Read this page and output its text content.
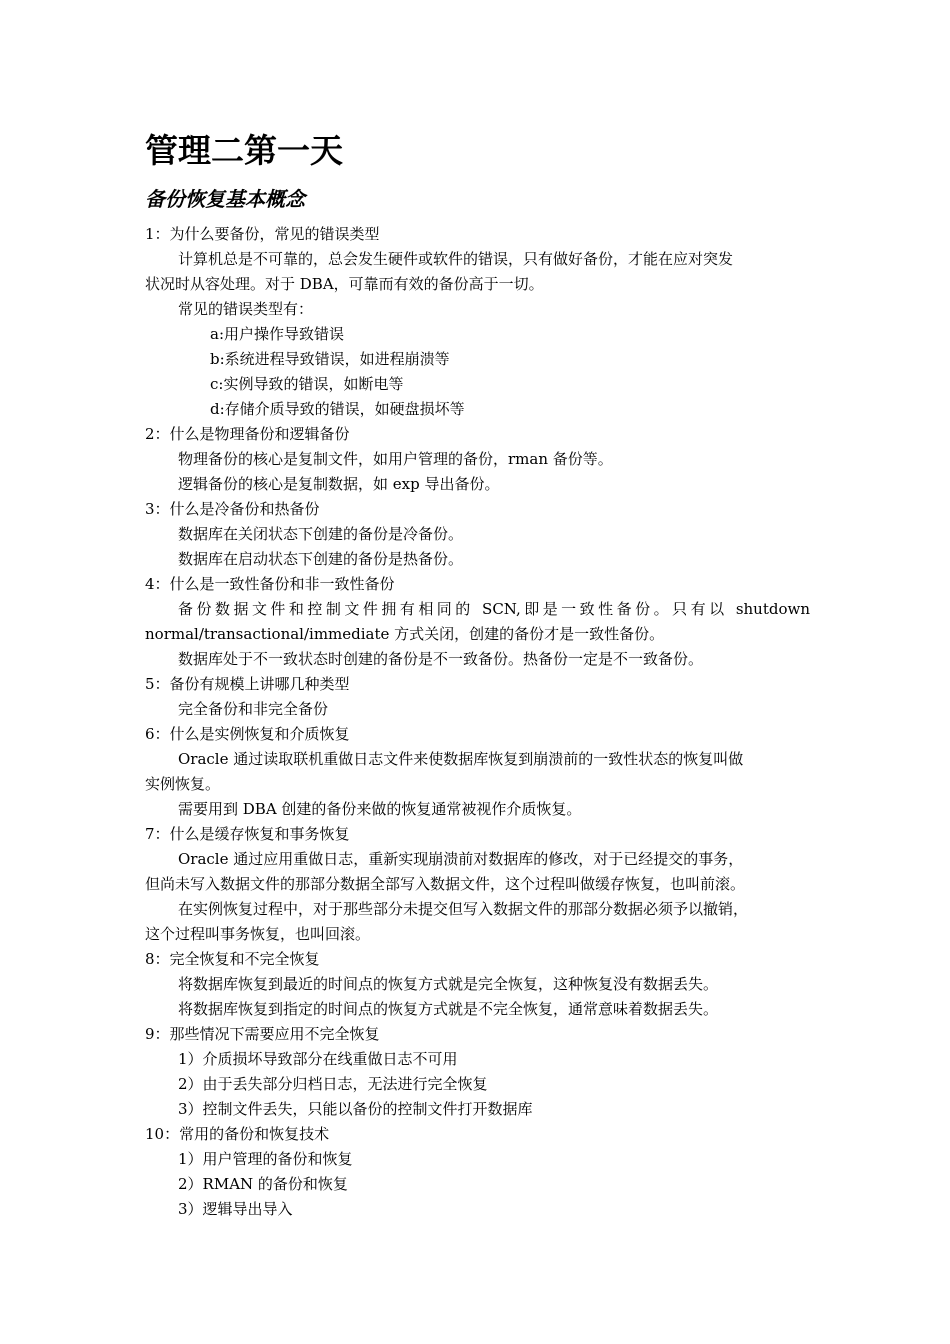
管理二第一天
备份恢复基本概念
1：为什么要备份，常见的错误类型
计算机总是不可靠的，总会发生硬件或软件的错误，只有做好备份，才能在应对突发
状况时从容处理。对于 DBA，可靠而有效的备份高于一切。
常见的错误类型有：
a:用户操作导致错误
b:系统进程导致错误，如进程崩溃等
c:实例导致的错误，如断电等
d:存储介质导致的错误，如硬盘损坏等
2：什么是物理备份和逻辑备份
物理备份的核心是复制文件，如用户管理的备份，rman 备份等。
逻辑备份的核心是复制数据，如 exp 导出备份。
3：什么是冷备份和热备份
数据库在关闭状态下创建的备份是冷备份。
数据库在启动状态下创建的备份是热备份。
4：什么是一致性备份和非一致性备份
备份数据文件和控制文件拥有相同的 SCN,即是一致性备份。只有以 shutdown
normal/transactional/immediate 方式关闭，创建的备份才是一致性备份。
数据库处于不一致状态时创建的备份是不一致备份。热备份一定是不一致备份。
5：备份有规模上讲哪几种类型
完全备份和非完全备份
6：什么是实例恢复和介质恢复
Oracle 通过读取联机重做日志文件来使数据库恢复到崩溃前的一致性状态的恢复叫做
实例恢复。
需要用到 DBA 创建的备份来做的恢复通常被视作介质恢复。
7：什么是缓存恢复和事务恢复
Oracle 通过应用重做日志，重新实现崩溃前对数据库的修改，对于已经提交的事务，
但尚未写入数据文件的那部分数据全部写入数据文件，这个过程叫做缓存恢复，也叫前滚。
在实例恢复过程中，对于那些部分未提交但写入数据文件的那部分数据必须予以撤销，
这个过程叫事务恢复，也叫回滚。
8：完全恢复和不完全恢复
将数据库恢复到最近的时间点的恢复方式就是完全恢复，这种恢复没有数据丢失。
将数据库恢复到指定的时间点的恢复方式就是不完全恢复，通常意味着数据丢失。
9：那些情况下需要应用不完全恢复
1）介质损坏导致部分在线重做日志不可用
2）由于丢失部分归档日志，无法进行完全恢复
3）控制文件丢失，只能以备份的控制文件打开数据库
10：常用的备份和恢复技术
1）用户管理的备份和恢复
2）RMAN 的备份和恢复
3）逻辑导出导入
